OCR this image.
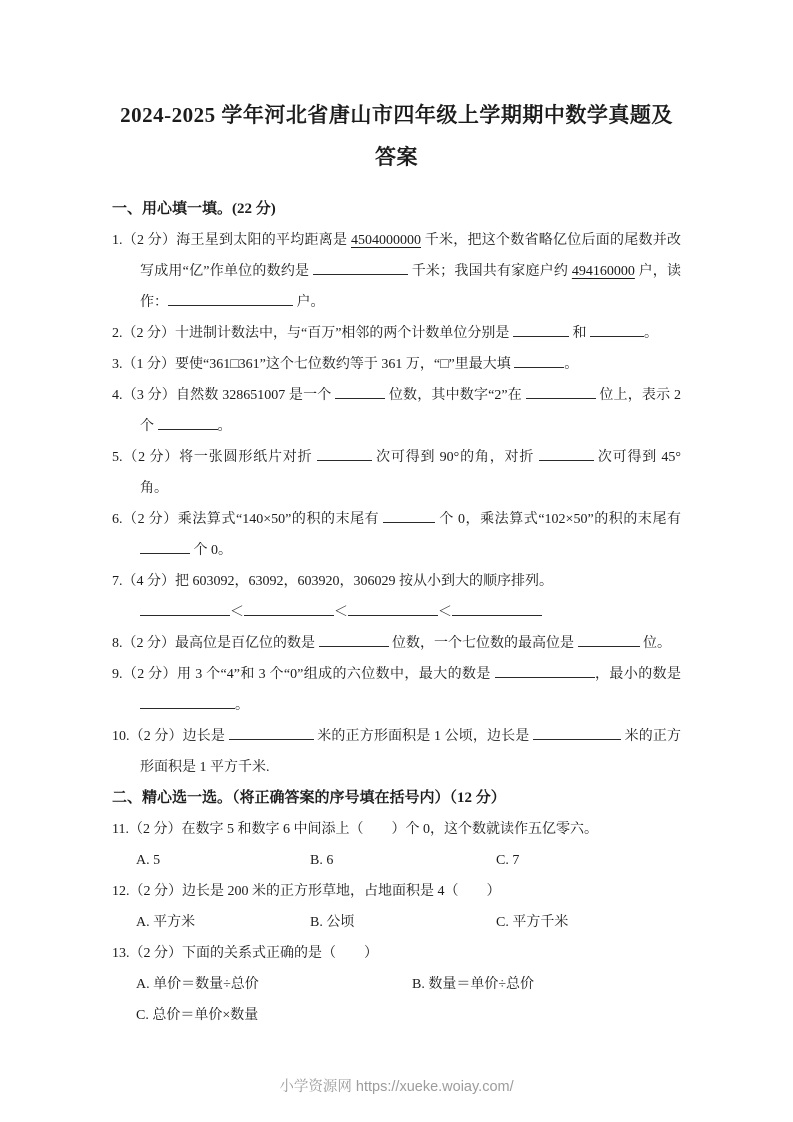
2024-2025 学年河北省唐山市四年级上学期期中数学真题及答案
一、用心填一填。(22 分)
1.（2 分）海王星到太阳的平均距离是 4504000000 千米，把这个数省略亿位后面的尾数并改写成用“亿”作单位的数约是	千米；我国共有家庭户约 494160000 户，读作：	户。
2.（2 分）十进制计数法中，与“百万”相邻的两个计数单位分别是	和	。
3.（1 分）要使“361□361”这个七位数约等于 361 万，“□”里最大填	。
4.（3 分）自然数 328651007 是一个	位数，其中数字“2”在	位上，表示 2 个	。
5.（2 分）将一张圆形纸片对折	次可得到 90°的角，对折	次可得到 45°角。
6.（2 分）乘法算式“140×50”的积的末尾有	个 0，乘法算式“102×50”的积的末尾有  个 0。
7.（4 分）把 603092，63092，603920，306029 按从小到大的顺序排列。
＜	＜	＜
8.（2 分）最高位是百亿位的数是	位数，一个七位数的最高位是	位。
9.（2 分）用 3 个“4”和 3 个“0”组成的六位数中，最大的数是	，最小的数是 。
10.（2 分）边长是	米的正方形面积是 1 公顷，边长是	米的正方形面积是 1 平方千米.
二、精心选一选。（将正确答案的序号填在括号内）（12 分）
11.（2 分）在数字 5 和数字 6 中间添上（　　）个 0，这个数就读作五亿零六。
A. 5	B. 6	C. 7
12.（2 分）边长是 200 米的正方形草地，占地面积是 4（　　）
A. 平方米	B. 公顷	C. 平方千米
13.（2 分）下面的关系式正确的是（　　）
A. 单价＝数量÷总价	B. 数量＝单价÷总价
C. 总价＝单价×数量
小学资源网 https://xueke.woiay.com/
